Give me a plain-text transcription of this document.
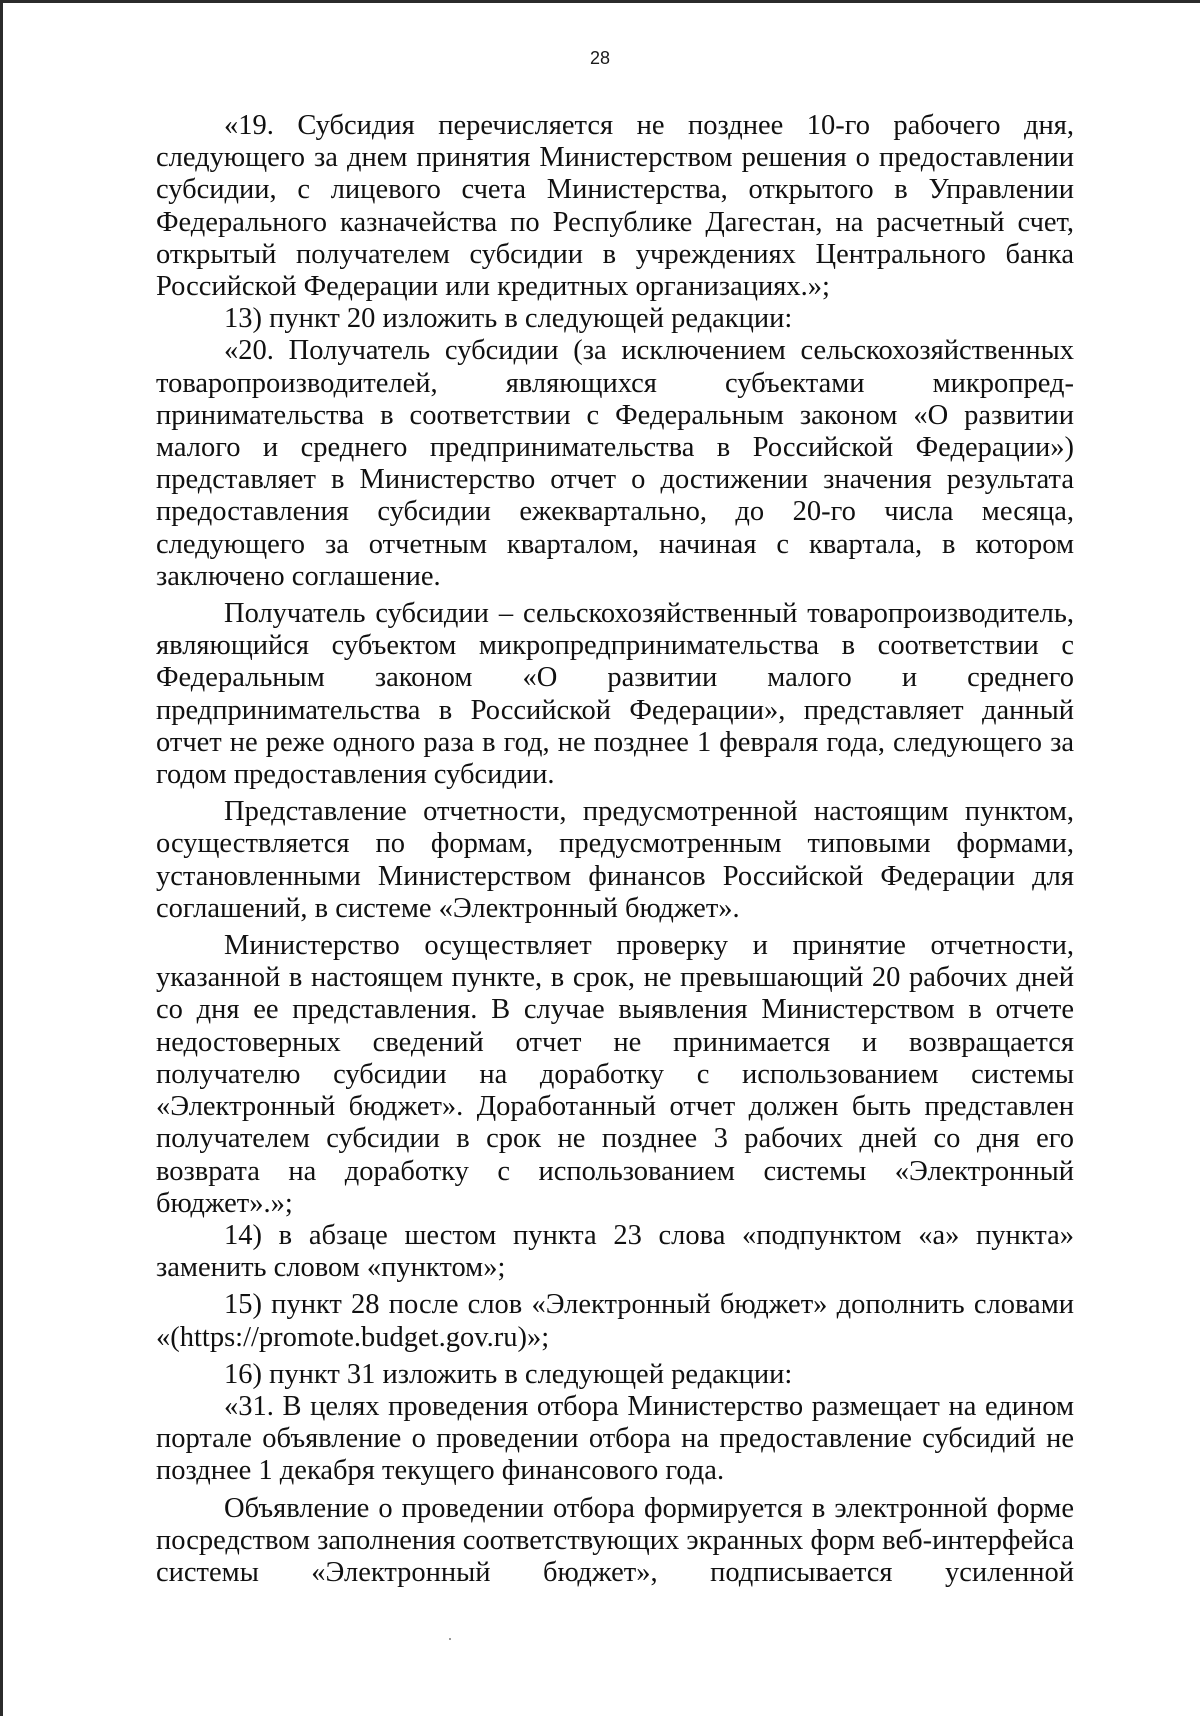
28

«19. Субсидия перечисляется не позднее 10-го рабочего дня, следующего за днем принятия Министерством решения о предоставлении субсидии, с лицевого счета Министерства, открытого в Управлении Федерального казначейства по Республике Дагестан, на расчетный счет, открытый получателем субсидии в учреждениях Центрального банка Российской Федерации или кредитных организациях.»;

13) пункт 20 изложить в следующей редакции:

«20. Получатель субсидии (за исключением сельскохозяйственных товаропроизводителей, являющихся субъектами микропредпринимательства в соответствии с Федеральным законом «О развитии малого и среднего предпринимательства в Российской Федерации») представляет в Министерство отчет о достижении значения результата предоставления субсидии ежеквартально, до 20-го числа месяца, следующего за отчетным кварталом, начиная с квартала, в котором заключено соглашение.

Получатель субсидии – сельскохозяйственный товаропроизводитель, являющийся субъектом микропредпринимательства в соответствии с Федеральным законом «О развитии малого и среднего предпринимательства в Российской Федерации», представляет данный отчет не реже одного раза в год, не позднее 1 февраля года, следующего за годом предоставления субсидии.

Представление отчетности, предусмотренной настоящим пунктом, осуществляется по формам, предусмотренным типовыми формами, установленными Министерством финансов Российской Федерации для соглашений, в системе «Электронный бюджет».

Министерство осуществляет проверку и принятие отчетности, указанной в настоящем пункте, в срок, не превышающий 20 рабочих дней со дня ее представления. В случае выявления Министерством в отчете недостоверных сведений отчет не принимается и возвращается получателю субсидии на доработку с использованием системы «Электронный бюджет». Доработанный отчет должен быть представлен получателем субсидии в срок не позднее 3 рабочих дней со дня его возврата на доработку с использованием системы «Электронный бюджет».»;

14) в абзаце шестом пункта 23 слова «подпунктом «а» пункта» заменить словом «пунктом»;

15) пункт 28 после слов «Электронный бюджет» дополнить словами «(https://promote.budget.gov.ru)»;

16) пункт 31 изложить в следующей редакции:

«31. В целях проведения отбора Министерство размещает на едином портале объявление о проведении отбора на предоставление субсидий не позднее 1 декабря текущего финансового года.

Объявление о проведении отбора формируется в электронной форме посредством заполнения соответствующих экранных форм веб-интерфейса системы «Электронный бюджет», подписывается усиленной
